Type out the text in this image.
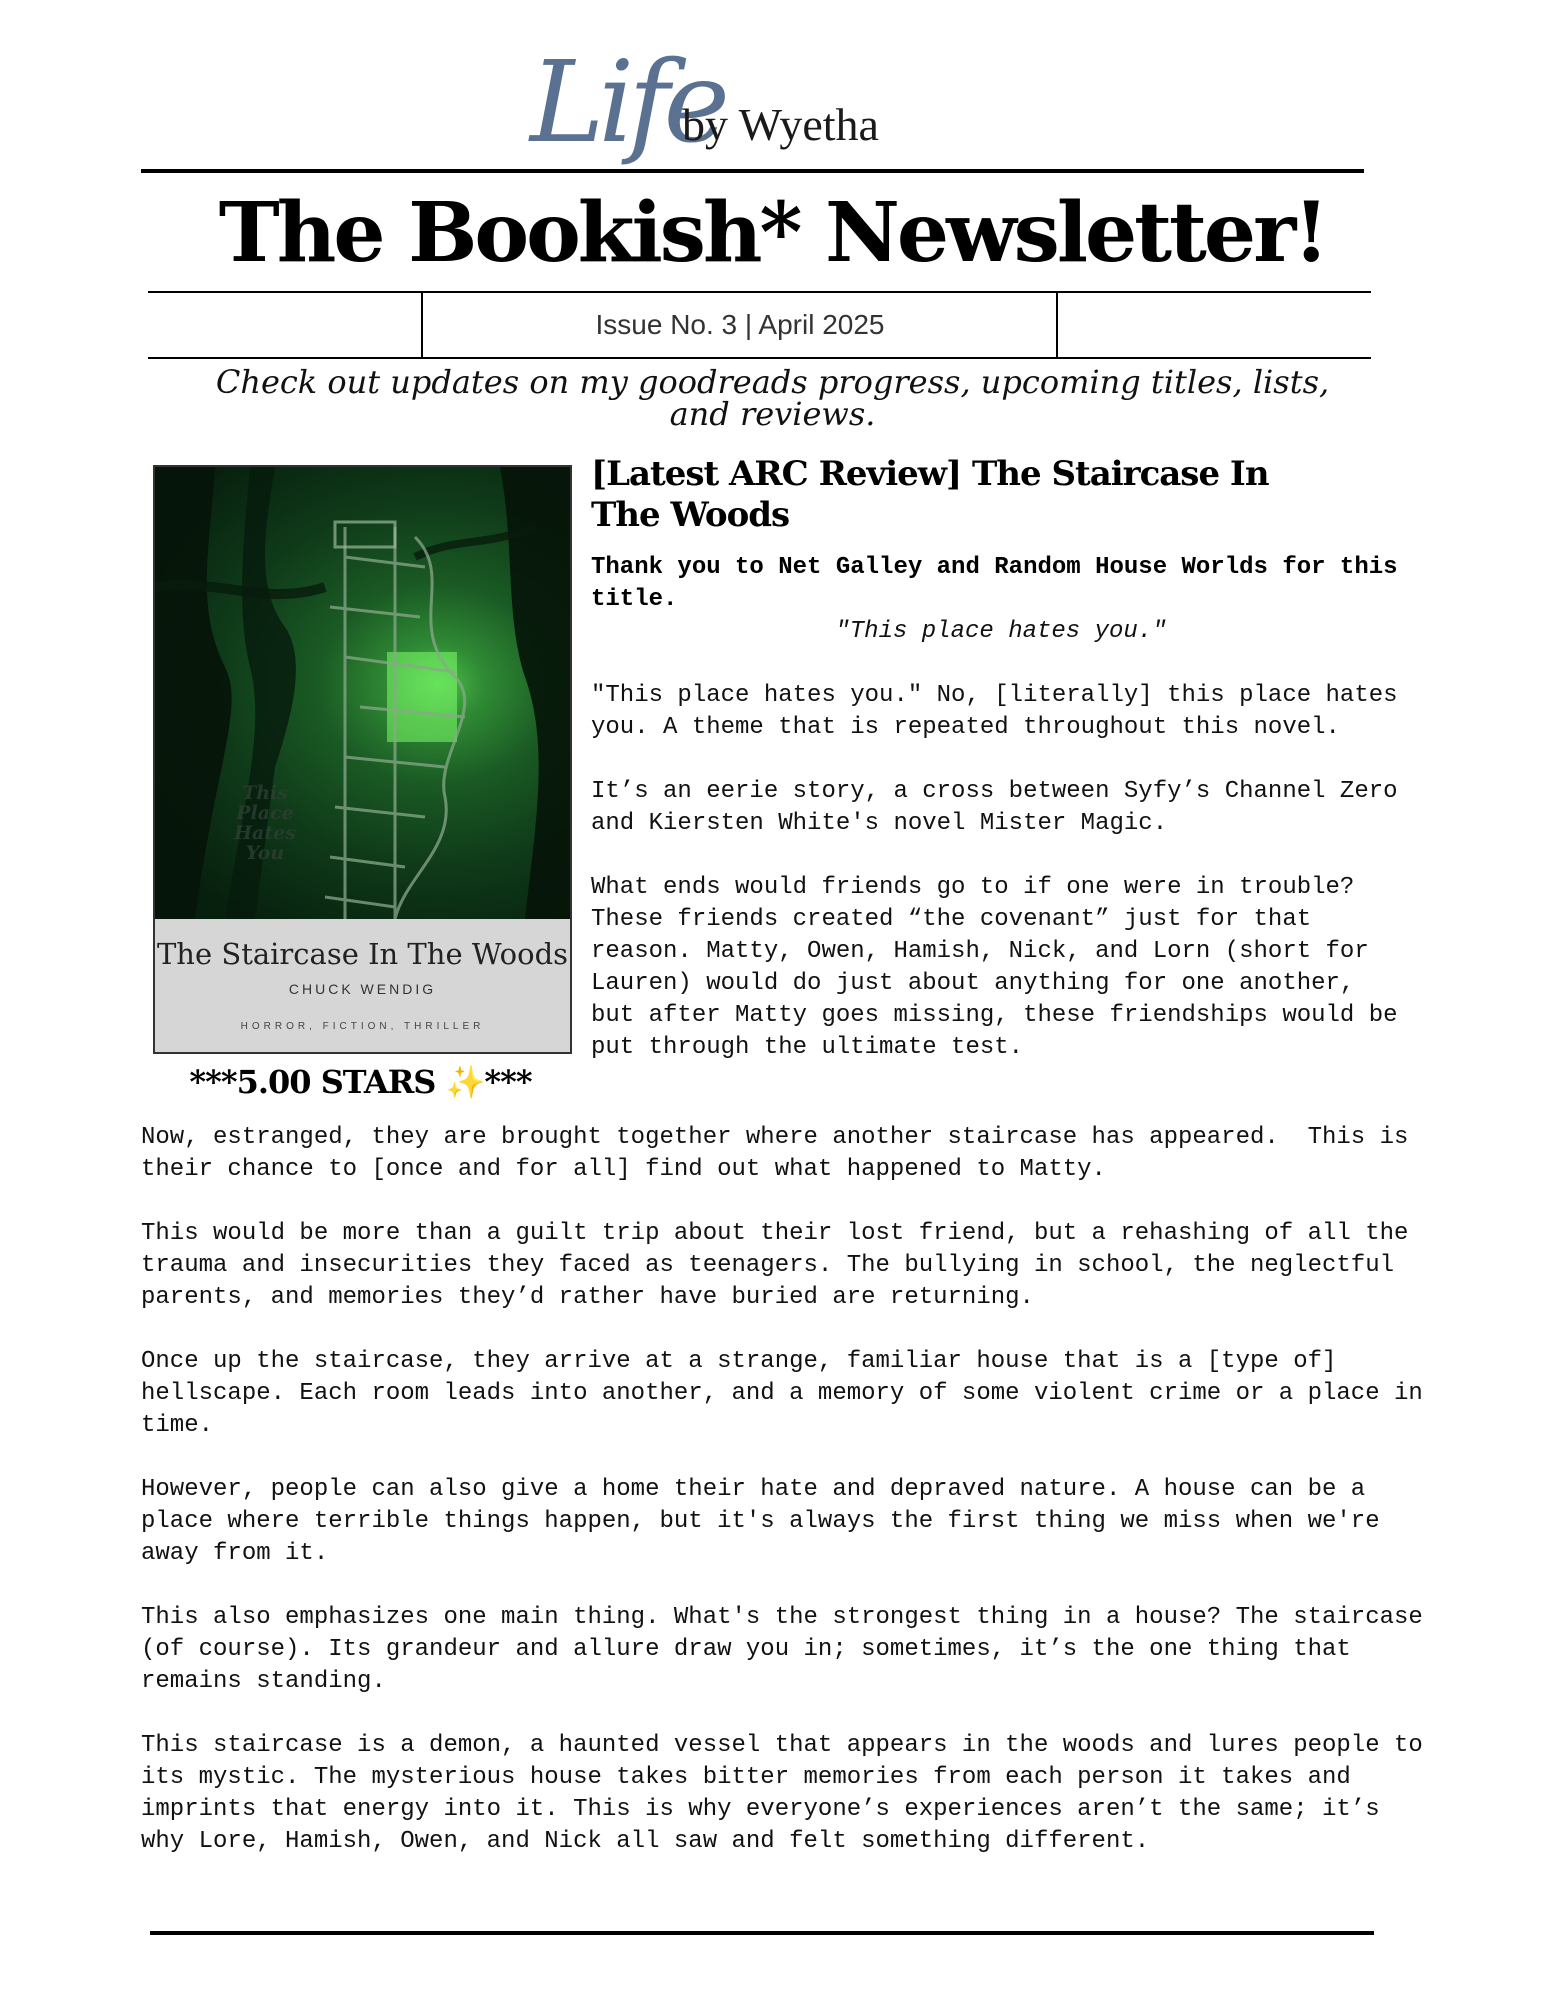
Life
by Wyetha
The Bookish* Newsletter!
Issue No. 3 | April 2025
Check out updates on my goodreads progress, upcoming titles, lists, and reviews.
This Place Hates You
The Staircase In The Woods
CHUCK WENDIG
HORROR, FICTION, THRILLER
***5.00 STARS ✨***
[Latest ARC Review] The Staircase In The Woods
Thank you to Net Galley and Random House Worlds for this title.
"This place hates you."

"This place hates you." No, [literally] this place hates you. A theme that is repeated throughout this novel.

It’s an eerie story, a cross between Syfy’s Channel Zero and Kiersten White's novel Mister Magic.

What ends would friends go to if one were in trouble? These friends created “the covenant” just for that reason. Matty, Owen, Hamish, Nick, and Lorn (short for Lauren) would do just about anything for one another, but after Matty goes missing, these friendships would be put through the ultimate test.

Now, estranged, they are brought together where another staircase has appeared.  This is their chance to [once and for all] find out what happened to Matty.

This would be more than a guilt trip about their lost friend, but a rehashing of all the trauma and insecurities they faced as teenagers. The bullying in school, the neglectful parents, and memories they’d rather have buried are returning.

Once up the staircase, they arrive at a strange, familiar house that is a [type of] hellscape. Each room leads into another, and a memory of some violent crime or a place in time.

However, people can also give a home their hate and depraved nature. A house can be a place where terrible things happen, but it's always the first thing we miss when we're away from it.

This also emphasizes one main thing. What's the strongest thing in a house? The staircase (of course). Its grandeur and allure draw you in; sometimes, it’s the one thing that remains standing.

This staircase is a demon, a haunted vessel that appears in the woods and lures people to its mystic. The mysterious house takes bitter memories from each person it takes and imprints that energy into it. This is why everyone’s experiences aren’t the same; it’s why Lore, Hamish, Owen, and Nick all saw and felt something different.
